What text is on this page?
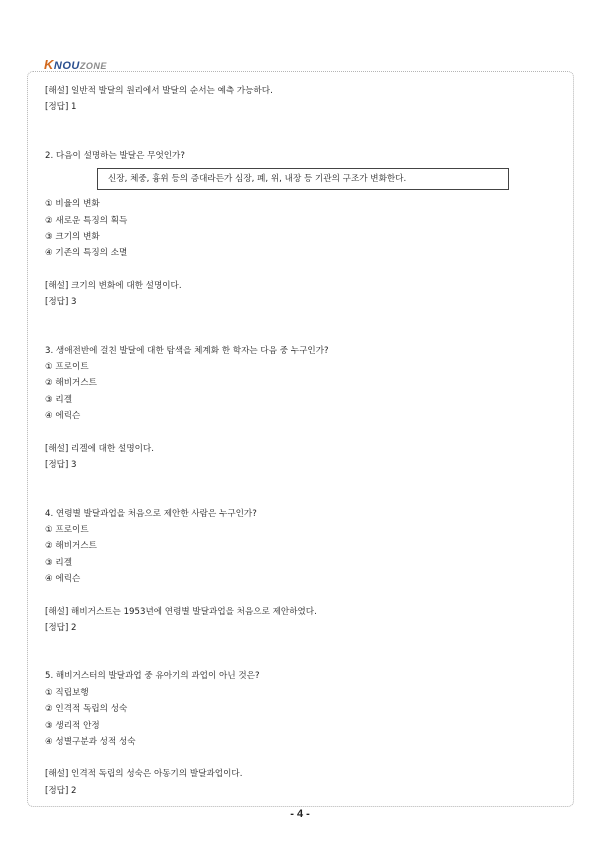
KNOUZONE

[해설] 일반적 발달의 원리에서 발달의 순서는 예측 가능하다.

[정답] 1

2. 다음이 설명하는 발달은 무엇인가?

신장, 체중, 흉위 등의 증대라든가 심장, 폐, 위, 내장 등 기관의 구조가 변화한다.

① 비율의 변화

② 새로운 특징의 획득

③ 크기의 변화

④ 기존의 특징의 소멸

[해설] 크기의 변화에 대한 설명이다.

[정답] 3

3. 생애전반에 걸친 발달에 대한 탐색을 체계화 한 학자는 다음 중 누구인가?

① 프로이트

② 해비거스트

③ 리겔

④ 에릭슨

[해설] 리겔에 대한 설명이다.

[정답] 3

4. 연령별 발달과업을 처음으로 제안한 사람은 누구인가?

① 프로이트

② 해비거스트

③ 리겔

④ 에릭슨

[해설] 해비거스트는 1953년에 연령별 발달과업을 처음으로 제안하였다.

[정답] 2

5. 해비거스터의 발달과업 중 유아기의 과업이 아닌 것은?

① 직립보행

② 인격적 독립의 성숙

③ 생리적 안정

④ 성별구분과 성적 성숙

[해설] 인격적 독립의 성숙은 아동기의 발달과업이다.

[정답] 2

- 4 -
